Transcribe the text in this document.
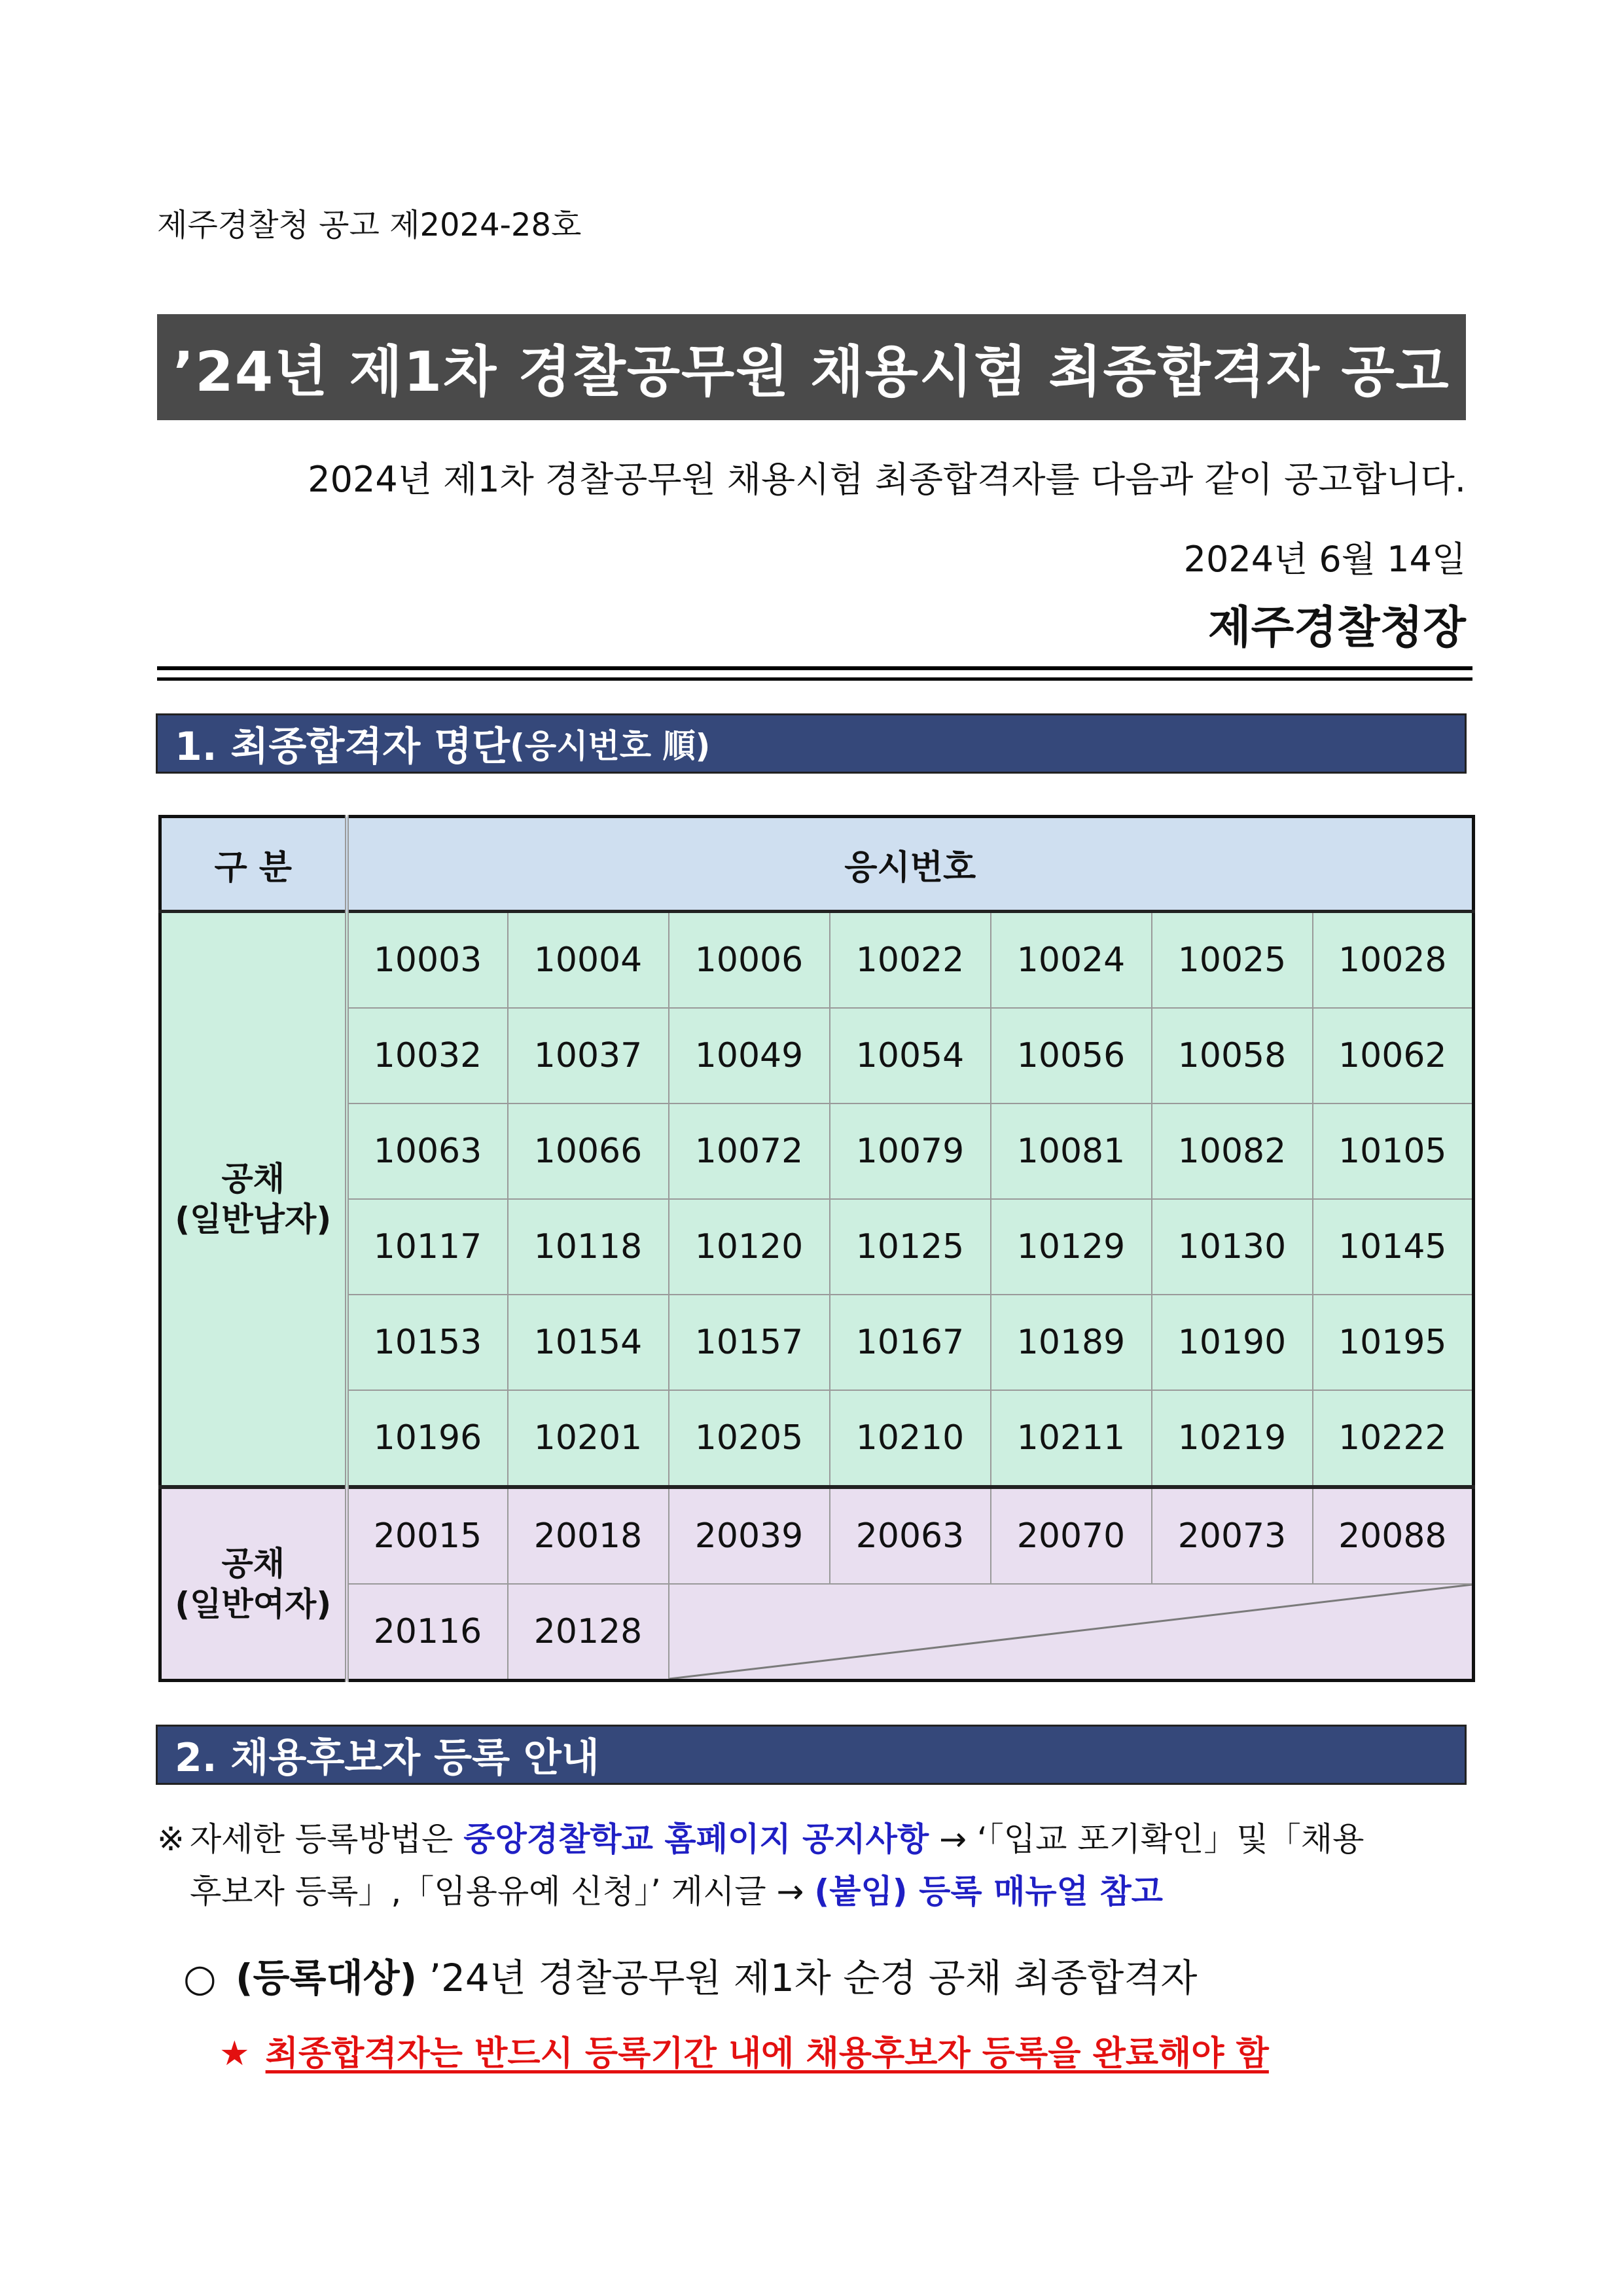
제주경찰청 공고 제2024-28호
’24년 제1차 경찰공무원 채용시험 최종합격자 공고
2024년 제1차 경찰공무원 채용시험 최종합격자를 다음과 같이 공고합니다.
2024년 6월 14일
제주경찰청장
1. 최종합격자 명단 (응시번호 順)
구 분	응시번호						
공채
(일반남자)	10003	10004	10006	10022	10024	10025	10028
	10032	10037	10049	10054	10056	10058	10062
	10063	10066	10072	10079	10081	10082	10105
	10117	10118	10120	10125	10129	10130	10145
	10153	10154	10157	10167	10189	10190	10195
	10196	10201	10205	10210	10211	10219	10222
공채
(일반여자)	20015	20018	20039	20063	20070	20073	20088
	20116	20128	
2. 채용후보자 등록 안내
※ 자세한 등록방법은 중앙경찰학교 홈페이지 공지사항 → ‘「입교 포기확인」및「채용
후보자 등록」,「임용유예 신청」’ 게시글 → (붙임) 등록 매뉴얼 참고
○ (등록대상) ’24년 경찰공무원 제1차 순경 공채 최종합격자
★ 최종합격자는 반드시 등록기간 내에 채용후보자 등록을 완료해야 함
